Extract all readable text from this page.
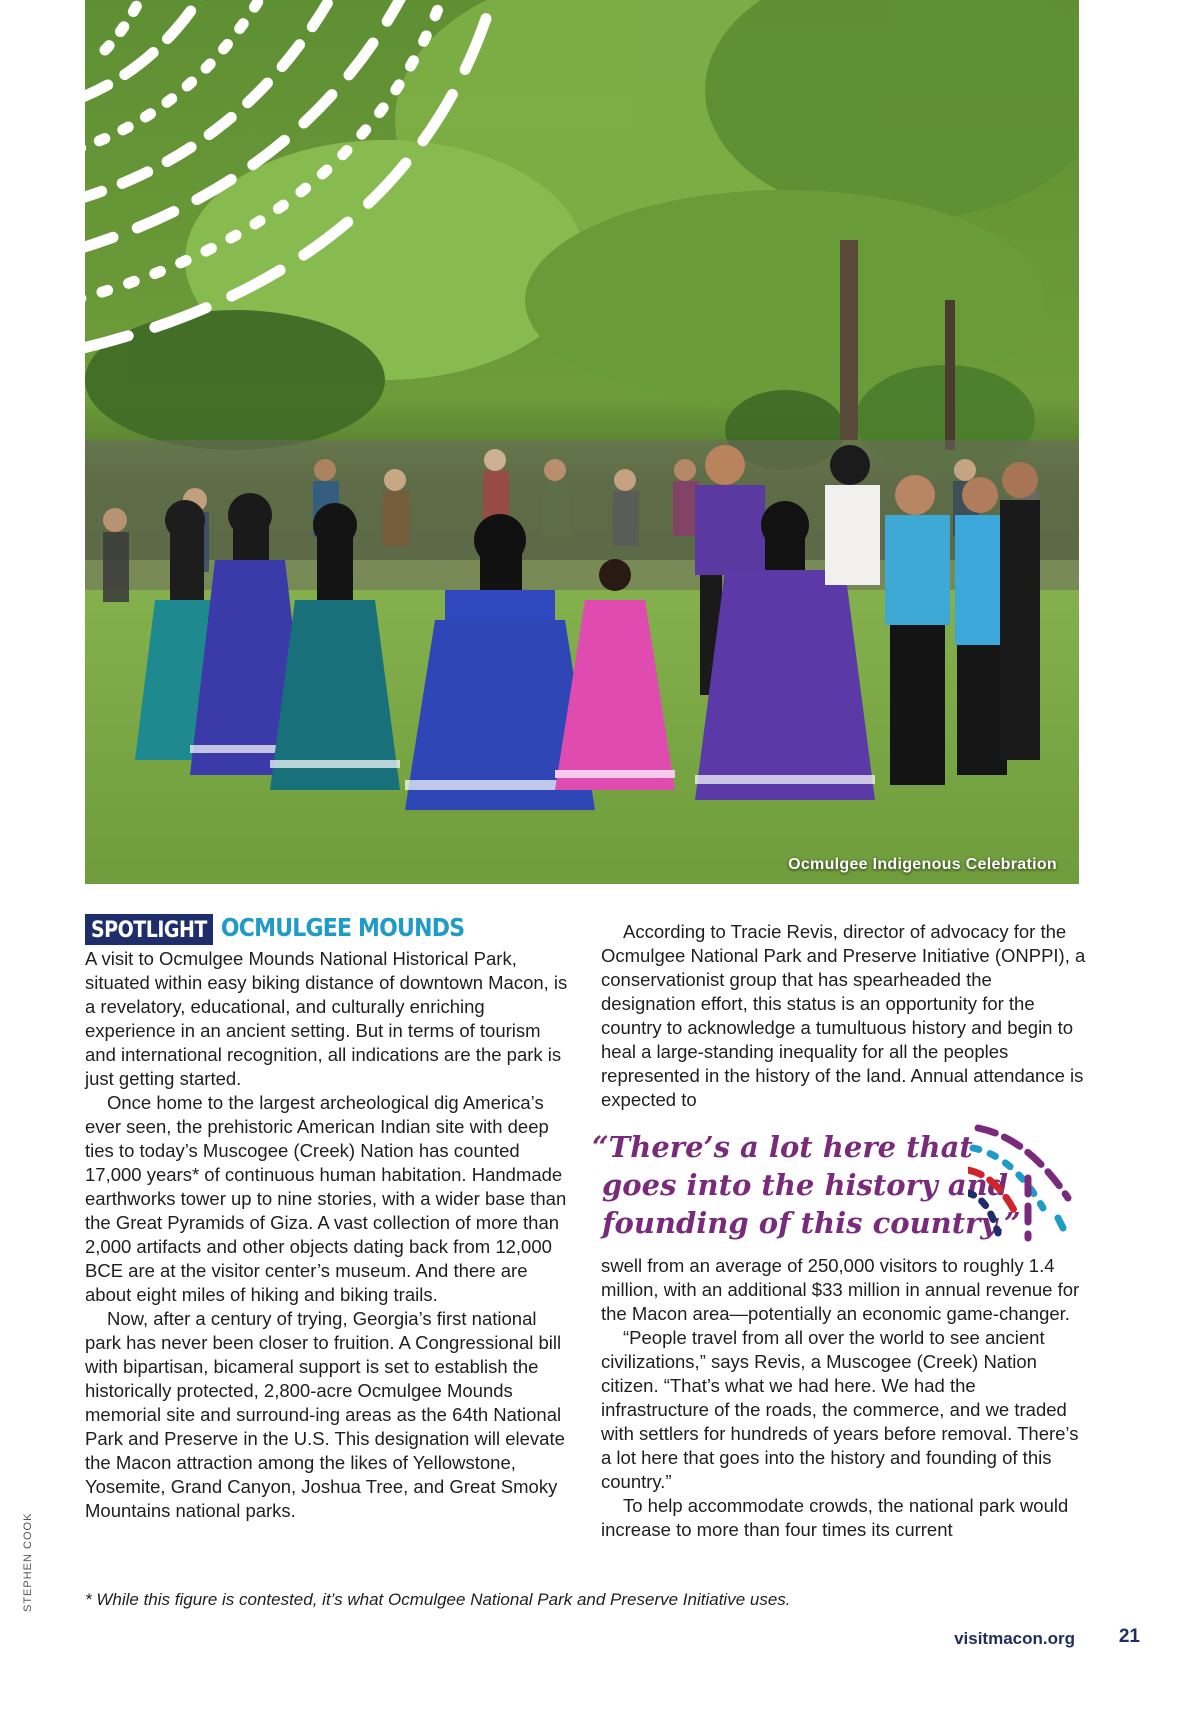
Ocmulgee Indigenous Celebration
SPOTLIGHT OCMULGEE MOUNDS

A visit to Ocmulgee Mounds National Historical Park, situated within easy biking distance of downtown Macon, is a revelatory, educational, and culturally enriching experience in an ancient setting. But in terms of tourism and international recognition, all indications are the park is just getting started.

Once home to the largest archeological dig America’s ever seen, the prehistoric American Indian site with deep ties to today’s Muscogee (Creek) Nation has counted 17,000 years* of continuous human habitation. Handmade earthworks tower up to nine stories, with a wider base than the Great Pyramids of Giza. A vast collection of more than 2,000 artifacts and other objects dating back from 12,000 BCE are at the visitor center’s museum. And there are about eight miles of hiking and biking trails.

Now, after a century of trying, Georgia’s first national park has never been closer to fruition. A Congressional bill with bipartisan, bicameral support is set to establish the historically protected, 2,800-acre Ocmulgee Mounds memorial site and surround-ing areas as the 64th National Park and Preserve in the U.S. This designation will elevate the Macon attraction among the likes of Yellowstone, Yosemite, Grand Canyon, Joshua Tree, and Great Smoky Mountains national parks.

According to Tracie Revis, director of advocacy for the Ocmulgee National Park and Preserve Initiative (ONPPI), a conservationist group that has spearheaded the designation effort, this status is an opportunity for the country to acknowledge a tumultuous history and begin to heal a large-standing inequality for all the peoples represented in the history of the land. Annual attendance is expected to

“There’s a lot here that
goes into the history and
founding of this country.”

swell from an average of 250,000 visitors to roughly 1.4 million, with an additional $33 million in annual revenue for the Macon area—potentially an economic game-changer.

“People travel from all over the world to see ancient civilizations,” says Revis, a Muscogee (Creek) Nation citizen. “That’s what we had here. We had the infrastructure of the roads, the commerce, and we traded with settlers for hundreds of years before removal. There’s a lot here that goes into the history and founding of this country.”

To help accommodate crowds, the national park would increase to more than four times its current

STEPHEN COOK	* While this figure is contested, it’s what Ocmulgee National Park and Preserve Initiative uses.
visitmacon.org 21
